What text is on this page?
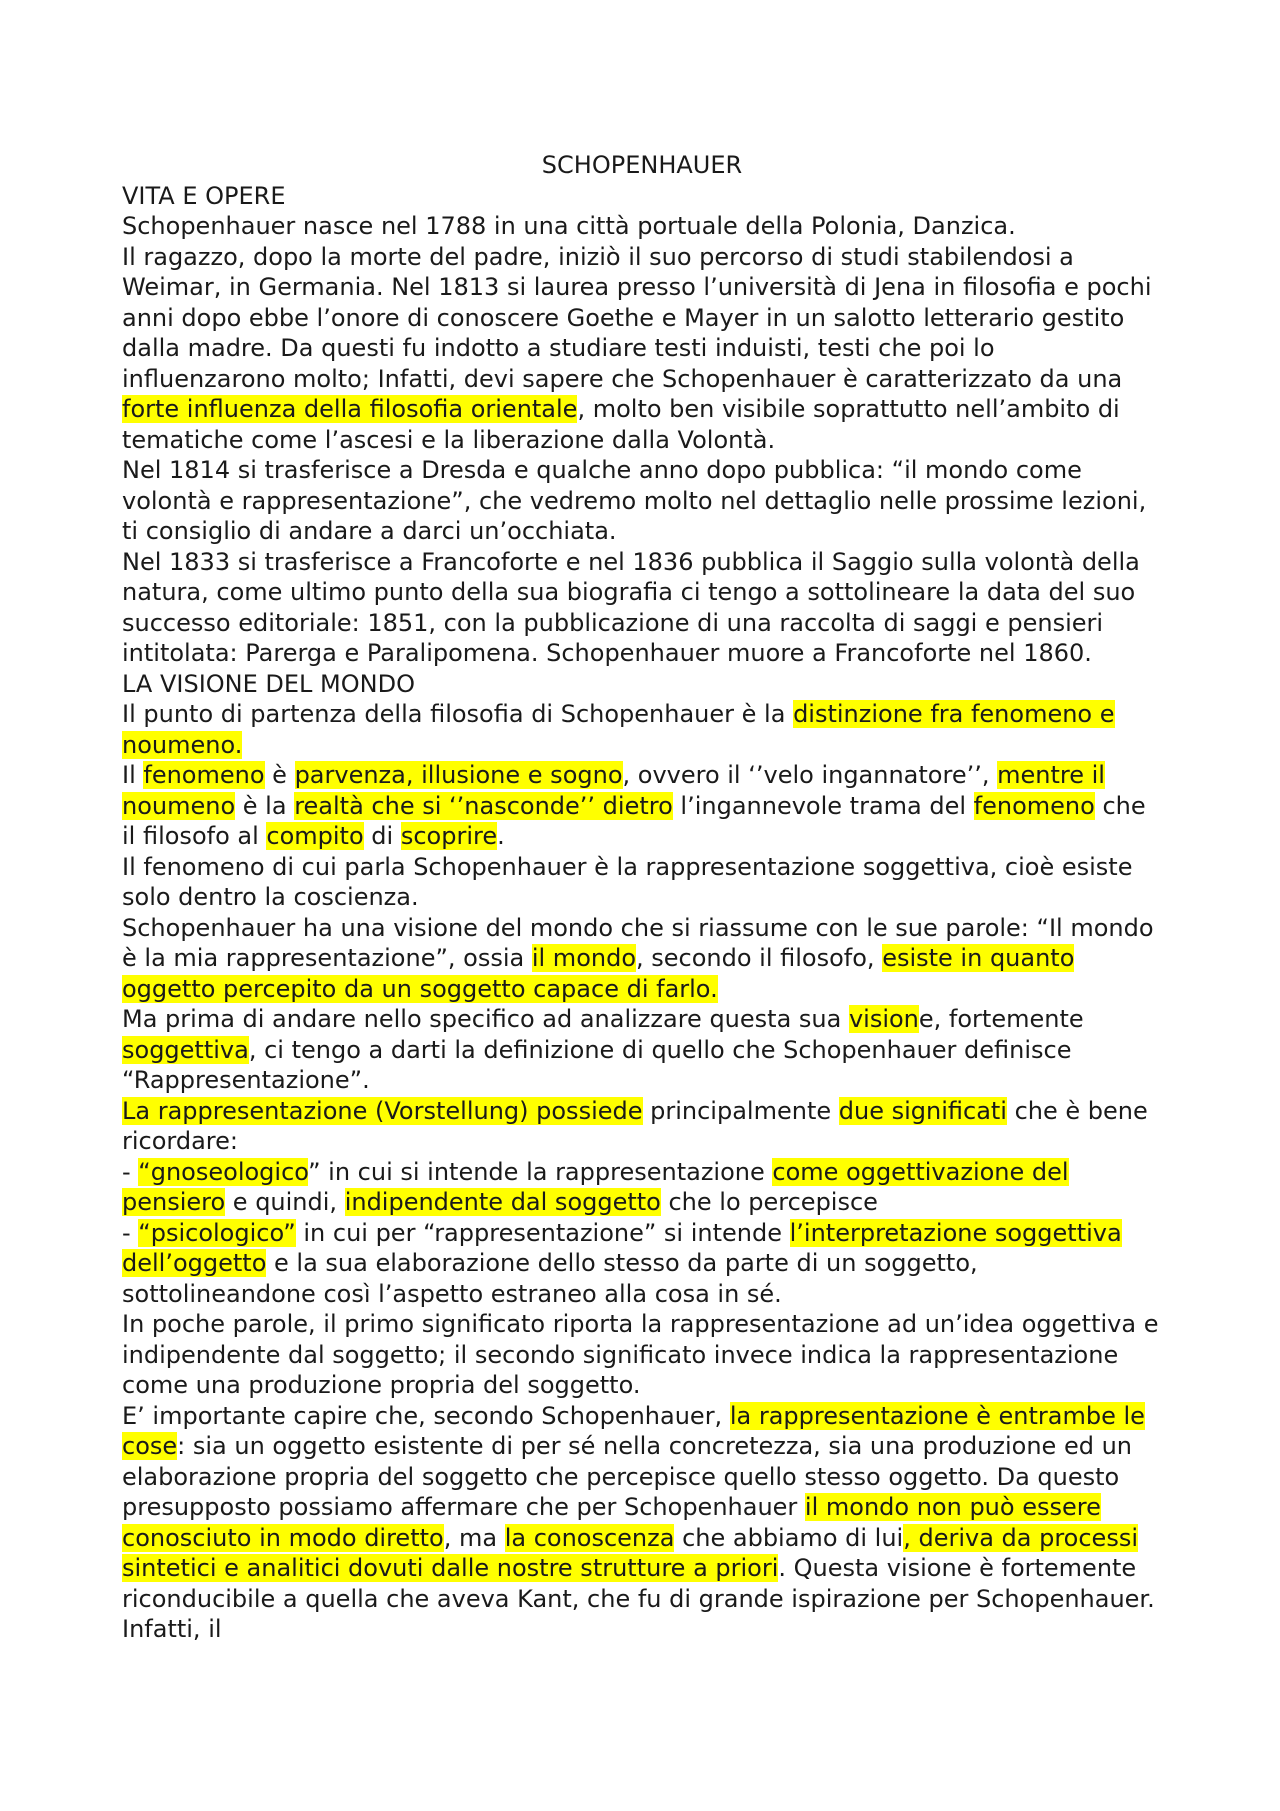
SCHOPENHAUER

VITA E OPERE

Schopenhauer nasce nel 1788 in una città portuale della Polonia, Danzica.

Il ragazzo, dopo la morte del padre, iniziò il suo percorso di studi stabilendosi a Weimar, in Germania. Nel 1813 si laurea presso l’università di Jena in filosofia e pochi anni dopo ebbe l’onore di conoscere Goethe e Mayer in un salotto letterario gestito dalla madre. Da questi fu indotto a studiare testi induisti, testi che poi lo influenzarono molto; Infatti, devi sapere che Schopenhauer è caratterizzato da una forte influenza della filosofia orientale, molto ben visibile soprattutto nell’ambito di tematiche come l’ascesi e la liberazione dalla Volontà.

Nel 1814 si trasferisce a Dresda e qualche anno dopo pubblica: “il mondo come volontà e rappresentazione”, che vedremo molto nel dettaglio nelle prossime lezioni, ti consiglio di andare a darci un’occhiata.

Nel 1833 si trasferisce a Francoforte e nel 1836 pubblica il Saggio sulla volontà della natura, come ultimo punto della sua biografia ci tengo a sottolineare la data del suo successo editoriale: 1851, con la pubblicazione di una raccolta di saggi e pensieri intitolata: Parerga e Paralipomena. Schopenhauer muore a Francoforte nel 1860.

LA VISIONE DEL MONDO

Il punto di partenza della filosofia di Schopenhauer è la distinzione fra fenomeno e noumeno.

Il fenomeno è parvenza, illusione e sogno, ovvero il ‘’velo ingannatore’’, mentre il noumeno è la realtà che si ‘’nasconde’’ dietro l’ingannevole trama del fenomeno che il filosofo al compito di scoprire.

Il fenomeno di cui parla Schopenhauer è la rappresentazione soggettiva, cioè esiste solo dentro la coscienza.

Schopenhauer ha una visione del mondo che si riassume con le sue parole: “Il mondo è la mia rappresentazione”, ossia il mondo, secondo il filosofo, esiste in quanto oggetto percepito da un soggetto capace di farlo.

Ma prima di andare nello specifico ad analizzare questa sua visione, fortemente soggettiva, ci tengo a darti la definizione di quello che Schopenhauer definisce “Rappresentazione”.

La rappresentazione (Vorstellung) possiede principalmente due significati che è bene ricordare:

- “gnoseologico” in cui si intende la rappresentazione come oggettivazione del pensiero e quindi, indipendente dal soggetto che lo percepisce

- “psicologico” in cui per “rappresentazione” si intende l’interpretazione soggettiva dell’oggetto e la sua elaborazione dello stesso da parte di un soggetto, sottolineandone così l’aspetto estraneo alla cosa in sé.

In poche parole, il primo significato riporta la rappresentazione ad un’idea oggettiva e indipendente dal soggetto; il secondo significato invece indica la rappresentazione come una produzione propria del soggetto.

E’ importante capire che, secondo Schopenhauer, la rappresentazione è entrambe le cose: sia un oggetto esistente di per sé nella concretezza, sia una produzione ed un elaborazione propria del soggetto che percepisce quello stesso oggetto. Da questo presupposto possiamo affermare che per Schopenhauer il mondo non può essere conosciuto in modo diretto, ma la conoscenza che abbiamo di lui, deriva da processi sintetici e analitici dovuti dalle nostre strutture a priori. Questa visione è fortemente riconducibile a quella che aveva Kant, che fu di grande ispirazione per Schopenhauer. Infatti, il
